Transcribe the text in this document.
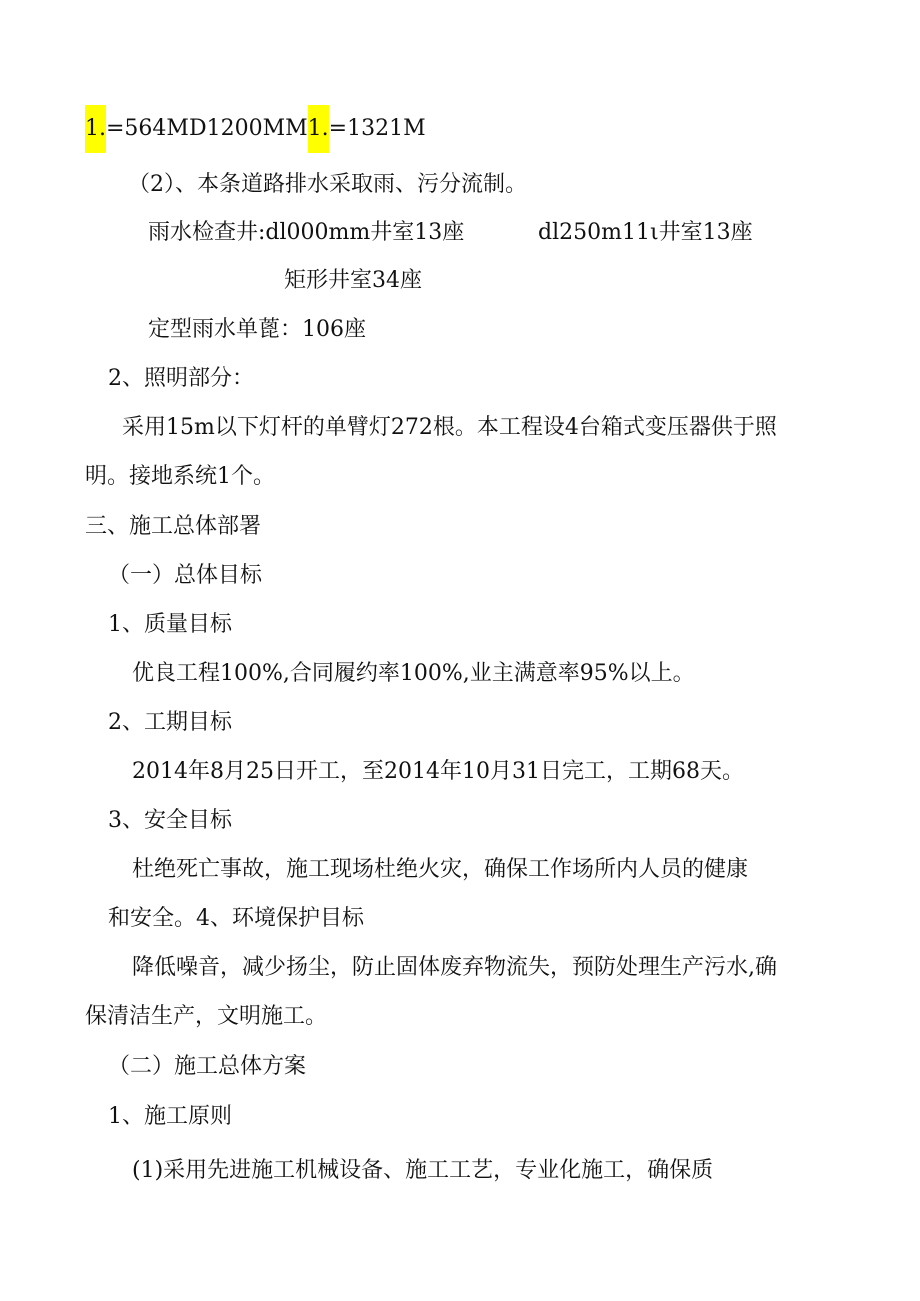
1.=564MD1200MM1.=1321M
（2）、本条道路排水采取雨、污分流制。
雨水检查井:dl000mm井室13座	dl250m11ι井室13座
矩形井室34座
定型雨水单蓖：106座
2、照明部分：
采用15m以下灯杆的单臂灯272根。本工程设4台箱式变压器供于照
明。接地系统1个。
三、施工总体部署
（一）总体目标
1、质量目标
优良工程100%,合同履约率100%,业主满意率95%以上。
2、工期目标
2014年8月25日开工，至2014年10月31日完工，工期68天。
3、安全目标
杜绝死亡事故，施工现场杜绝火灾，确保工作场所内人员的健康
和安全。4、环境保护目标
降低噪音，减少扬尘，防止固体废弃物流失，预防处理生产污水,确
保清洁生产，文明施工。
（二）施工总体方案
1、施工原则
(1)采用先进施工机械设备、施工工艺，专业化施工，确保质
